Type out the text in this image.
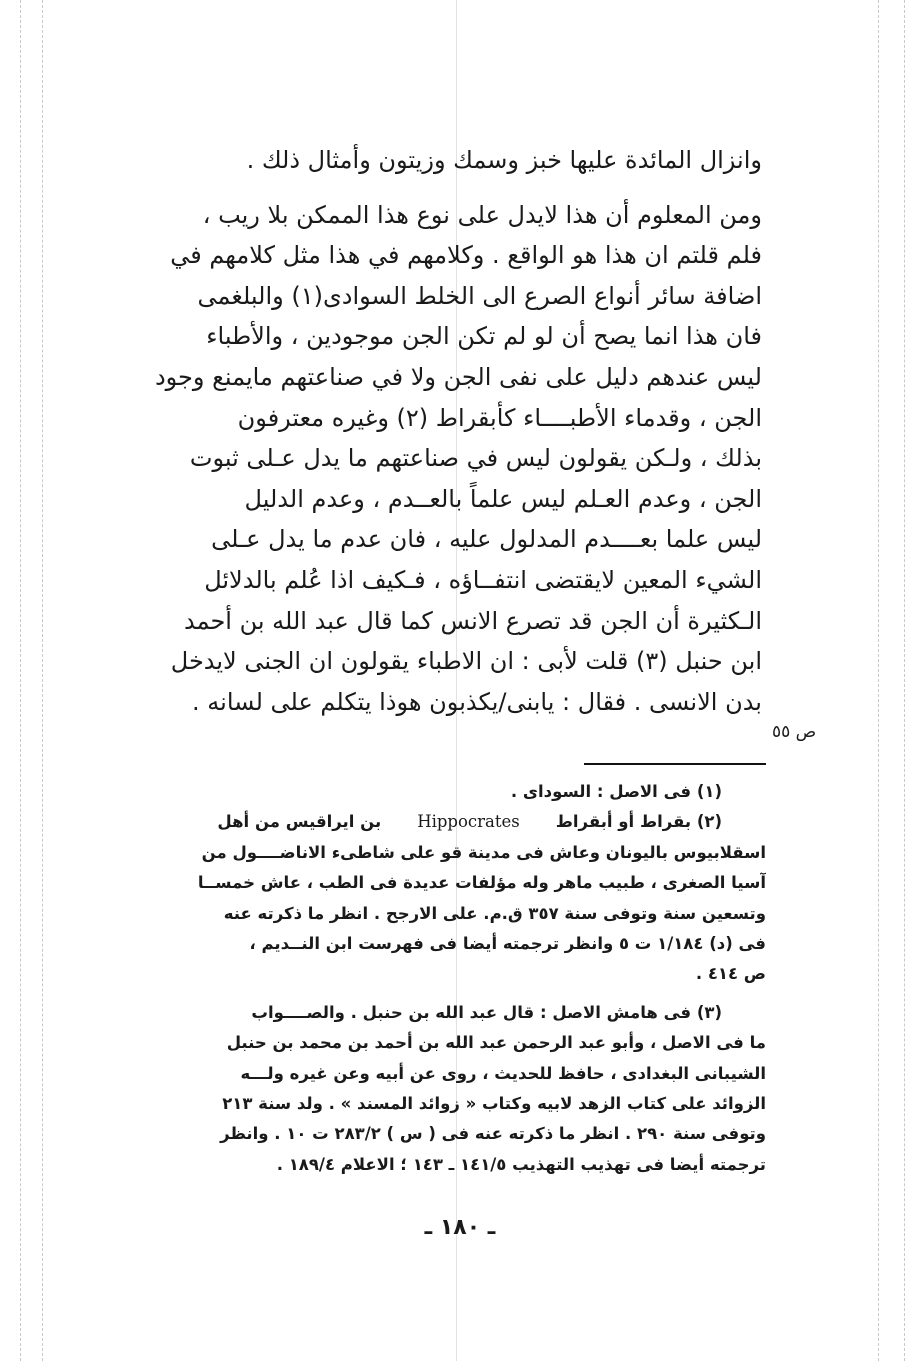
وانزال المائدة عليها خبز وسمك وزيتون وأمثال ذلك .
ومن المعلوم أن هذا لايدل على نوع هذا الممكن بلا ريب ،
فلم قلتم ان هذا هو الواقع . وكلامهم في هذا مثل كلامهم في
اضافة سائر أنواع الصرع الى الخلط السوادى(١) والبلغمى
فان هذا انما يصح أن لو لم تكن الجن موجودين ، والأطباء
ليس عندهم دليل على نفى الجن ولا في صناعتهم مايمنع وجود
الجن ، وقدماء الأطبــــاء كأبقراط (٢) وغيره معترفون
بذلك ، ولـكن يقولون ليس في صناعتهم ما يدل عـلى ثبوت
الجن ، وعدم العـلم ليس علماً بالعــدم ، وعدم الدليل
ليس علما بعــــدم المدلول عليه ، فان عدم ما يدل عـلى
الشيء المعين لايقتضى انتفــاؤه ، فـكيف اذا عُلم بالدلائل
الـكثيرة أن الجن قد تصرع الانس كما قال عبد الله بن أحمد
ابن حنبل (٣) قلت لأبى : ان الاطباء يقولون ان الجنى لايدخل
بدن الانسى . فقال : يابنى/يكذبون هوذا يتكلم على لسانه .
ص ٥٥
(١) فى الاصل : السوداى .
(٢) بقراط أو أبقراطHippocratesبن ايراقيس من أهل
اسقلابيوس باليونان وعاش فى مدينة قو على شاطىء الاناضــــول من
آسيا الصغرى ، طبيب ماهر وله مؤلفات عديدة فى الطب ، عاش خمســا
وتسعين سنة وتوفى سنة ٣٥٧ ق.م. على الارجح . انظر ما ذكرته عنه
فى (د) ١/١٨٤ ت ٥ وانظر ترجمته أيضا فى فهرست ابن النــديم ،
ص ٤١٤ .
(٣) فى هامش الاصل : قال عبد الله بن حنبل . والصــــواب
ما فى الاصل ، وأبو عبد الرحمن عبد الله بن أحمد بن محمد بن حنبل
الشيبانى البغدادى ، حافظ للحديث ، روى عن أبيه وعن غيره ولـــه
الزوائد على كتاب الزهد لابيه وكتاب « زوائد المسند » . ولد سنة ٢١٣
وتوفى سنة ٢٩٠ . انظر ما ذكرته عنه فى ( س ) ٢٨٣/٢ ت ١٠ . وانظر
ترجمته أيضا فى تهذيب التهذيب ١٤١/٥ ـ ١٤٣ ؛ الاعلام ١٨٩/٤ .
ـ ١٨٠ ـ
